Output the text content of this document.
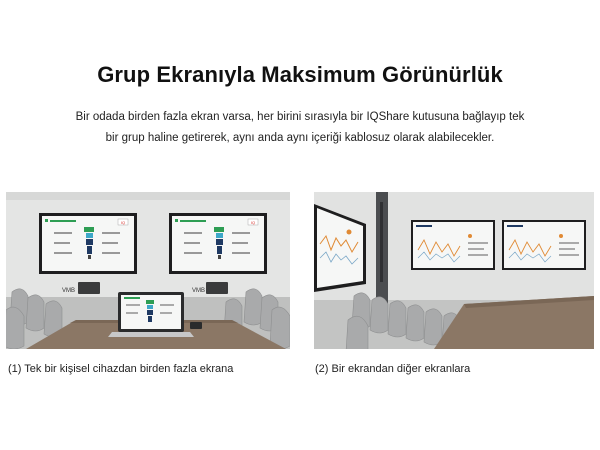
Grup Ekranıyla Maksimum Görünürlük
Bir odada birden fazla ekran varsa, her birini sırasıyla bir IQShare kutusuna bağlayıp tek
bir grup haline getirerek, aynı anda aynı içeriği kablosuz olarak alabilecekler.
IQ	IQ
VMB	VMB
(1) Tek bir kişisel cihazdan birden fazla ekrana	(2) Bir ekrandan diğer ekranlara
